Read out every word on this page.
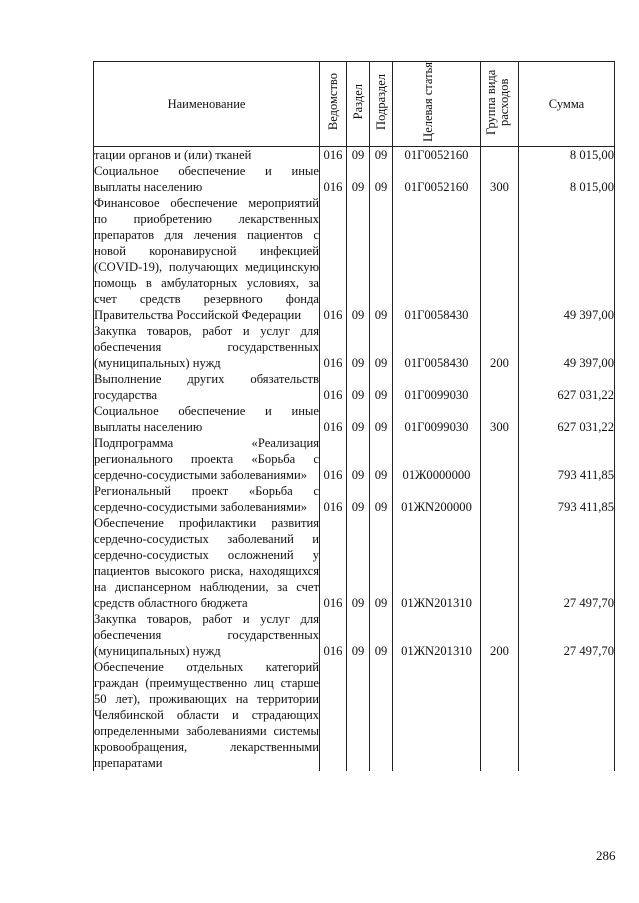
Наименование	Ведомство	Раздел	Подраздел	Целевая статья	Группа вида расходов	Сумма
тации органов и (или) тканей	016	09	09	01Г0052160		8 015,00
Социальное обеспечение и иные выплаты населению	016	09	09	01Г0052160	300	8 015,00
Финансовое обеспечение мероприятий по приобретению лекарственных препаратов для лечения пациентов с новой коронавирусной инфекцией (COVID-19), получающих медицинскую помощь в амбулаторных условиях, за счет средств резервного фонда Правительства Российской Федерации	016	09	09	01Г0058430		49 397,00
Закупка товаров, работ и услуг для обеспечения государственных (муниципальных) нужд	016	09	09	01Г0058430	200	49 397,00
Выполнение других обязательств государства	016	09	09	01Г0099030		627 031,22
Социальное обеспечение и иные выплаты населению	016	09	09	01Г0099030	300	627 031,22
Подпрограмма «Реализация регионального проекта «Борьба с сердечно-сосудистыми заболеваниями»	016	09	09	01Ж0000000		793 411,85
Региональный проект «Борьба с сердечно-сосудистыми заболеваниями»	016	09	09	01ЖN200000		793 411,85
Обеспечение профилактики развития сердечно-сосудистых заболеваний и сердечно-сосудистых осложнений у пациентов высокого риска, находящихся на диспансерном наблюдении, за счет средств областного бюджета	016	09	09	01ЖN201310		27 497,70
Закупка товаров, работ и услуг для обеспечения государственных (муниципальных) нужд	016	09	09	01ЖN201310	200	27 497,70
Обеспечение отдельных категорий граждан (преимущественно лиц старше 50 лет), проживающих на территории Челябинской области и страдающих определенными заболеваниями системы кровообращения, лекарственными препаратами						
286
